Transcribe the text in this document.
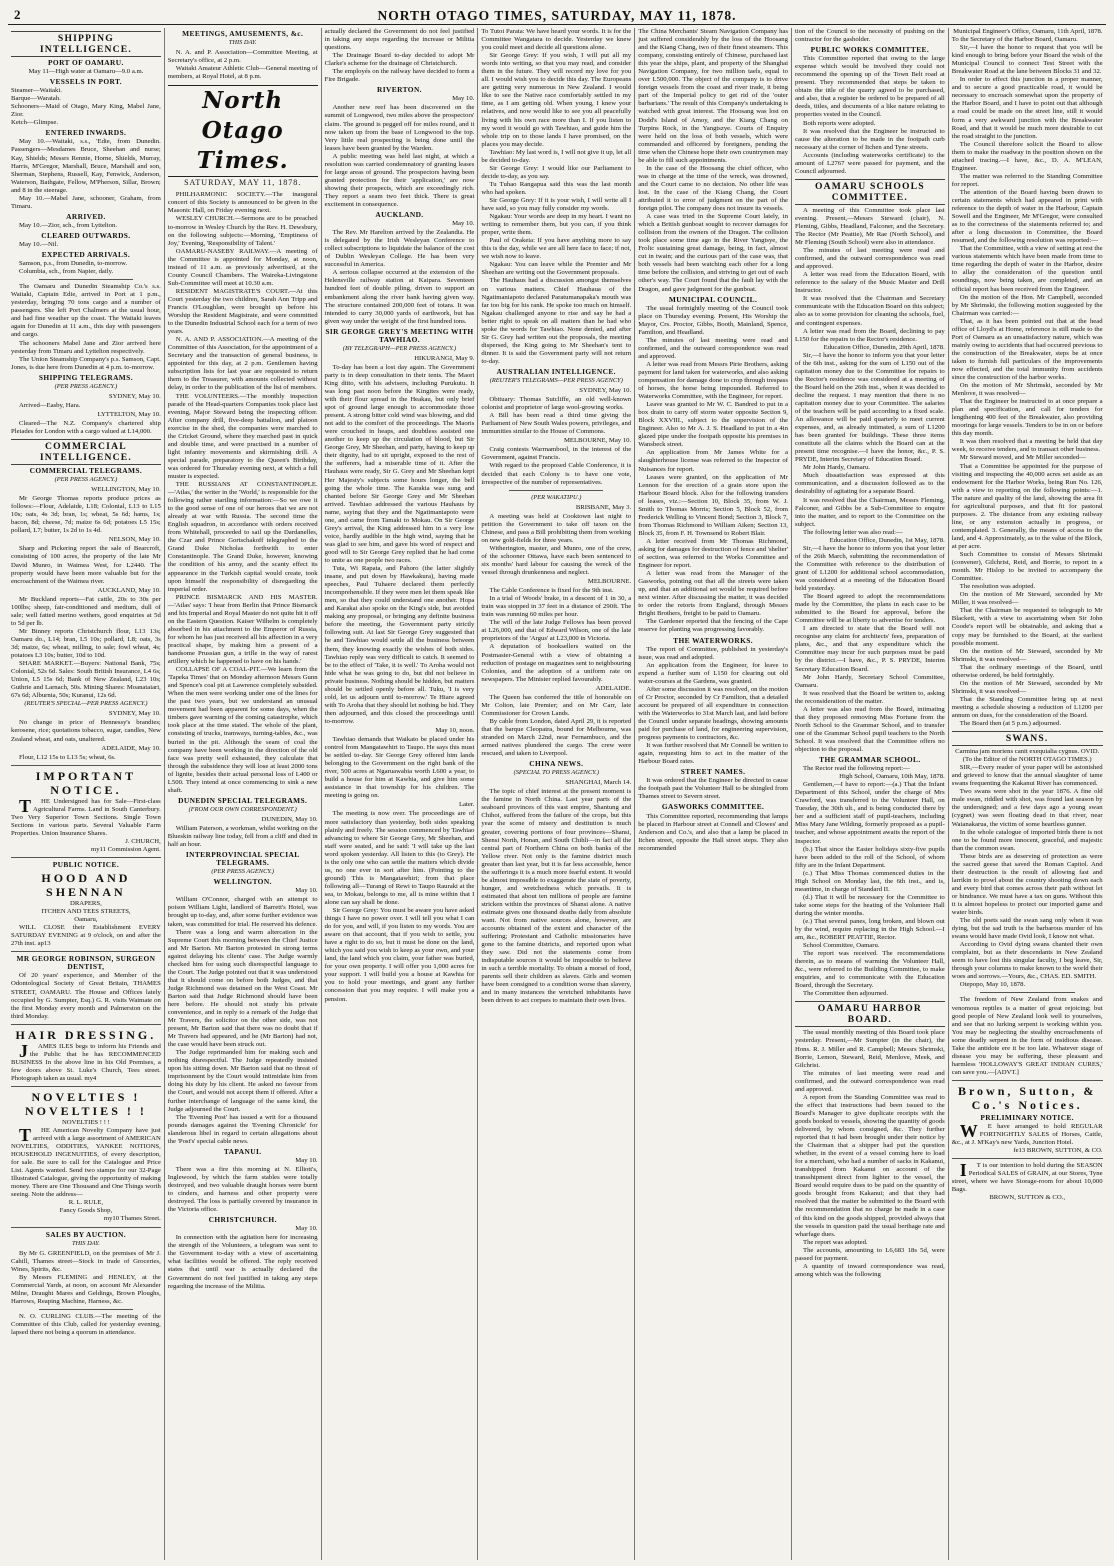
2	NORTH OTAGO TIMES, SATURDAY, MAY 11, 1878.
SHIPPING INTELLIGENCE.
PORT OF OAMARU.

May 11—High water at Oamaru—9.0 a.m.

VESSELS IN PORT.

Steamer—Waitaki.

Barque—Waratah.

Schooners—Maid of Otago, Mary King, Mabel Jane, Zior.

Ketch—Glimpse.

ENTERED INWARDS.

May 10.—Waitaki, s.s., 'Edie, from Dunedin. Passengers—Mesdames Bruce, Sheehan and nurse; Kay, Shields; Messrs Rennie, Horne, Shields, Murray, Harris, M'Gregor, Marshall, Bruce, Marshall and son, Sherman, Stephens, Russell, Kay, Fenwick, Anderson, Waterson, Bathgate, Fellow, M'Pherson, Sillar, Brown; and 8 in the steerage.

May 10.—Mabel Jane, schooner, Graham, from Timaru.

ARRIVED.

May 10.—Zior, sch., from Lyttelton.

CLEARED OUTWARDS.

May 10.—Nil.

EXPECTED ARRIVALS.

Samson, p.s., from Dunedin, to-morrow.

Columbia, sch., from Napier, daily.

The Oamaru and Dunedin Steamship Co.'s s.s. Waitaki, Captain Edie, arrived in Port at 1 p.m., yesterday, bringing 70 tons cargo and a number of passengers. She left Port Chalmers at the usual hour, and had fine weather up the coast. The Waitaki leaves again for Dunedin at 11 a.m., this day with passengers and cargo.

The schooners Mabel Jane and Zior arrived here yesterday from Timaru and Lyttelton respectively.

The Union Steamship Company's p.s. Samson, Capt. Jones, is due here from Dunedin at 4 p.m. to-morrow.

SHIPPING TELEGRAMS.
(PER PRESS AGENCY.)
SYDNEY, May 10.

Arrived—Easby, Hara.

LYTTELTON, May 10.

Cleared—The N.Z. Company's chartered ship Pleiades for London with a cargo valued at L14,000.

COMMERCIAL INTELLIGENCE.
COMMERCIAL TELEGRAMS.
(PER PRESS AGENCY.)
WELLINGTON, May 10.

Mr George Thomas reports produce prices as follows:—Flour, Adelaide, L18; Colonial, L13 to L15 10s; oats, 4s 3d; bran, 1s; wheat, 5s 6d; hams, 1s; bacon, 8d; cheese, 7d; maize 6s 6d; potatoes L5 15s; pollard, L7; butter, 1s 2d to 1s 4d.

NELSON, May 10.

Sharp and Pickering report the sale of Bearcroft, consisting of 100 acres, the property of the late Mr David Munro, in Waimea West, for L2440. The property would have been more valuable but for the encroachment of the Waimea river.

AUCKLAND, May 10.

Mr Buckland reports—Fat cattle, 20s to 30s per 100lbs; sheep, fair-conditioned and medium, dull of sale; well fatted merino wethers, good enquiries at 5d to 5d per lb.

Mr Binney reports Christchurch flour, L13 13s; Oamaru do., L14; bran, L5 10s; pollard, L8; oats, 3s 3d; maize, 6s; wheat, milling, to sale; fowl wheat, 4s; potatoes L3 10s; butter, 10d to 10d.

SHARE MARKET.—Buyers: National Bank, 75s; Colonial, 52s 6d. Sales: South British Insurance, L4 6s; Union, L5 15s 6d; Bank of New Zealand, L23 10s; Guthrie and Larnach, 50s. Mining Shares: Moanataiari, 67s 6d; Alburnia, 50s; Kuranui, 12s 6d.

(REUTER'S SPECIAL—PER PRESS AGENCY.)
SYDNEY, May 10.

No change in price of Hennessy's brandies; kerosene, rice; quotations tobacco, sugar, candles, New Zealand wheat, and oats, unaltered.

ADELAIDE, May 10.

Flour, L12 15s to L13 5s; wheat, 6s.

IMPORTANT NOTICE.

THE Undersigned has for Sale—First-class Agricultural Farms. Land in South Canterbury. Two Very Superior Town Sections. Single Town Sections in various parts. Several Valuable Farm Properties. Union Insurance Shares.

J. CHURCH,

my11 Commission Agent.

PUBLIC NOTICE.
HOOD AND SHENNAN

DRAPERS,

ITCHEN AND TEES STREETS,

Oamaru,

WILL CLOSE their Establishment EVERY SATURDAY EVENING at 9 o'clock, on and after the 27th inst. ap13

MR GEORGE ROBINSON, SURGEON DENTIST,

Of 20 years' experience, and Member of the Odontological Society of Great Britain, THAMES STREET, OAMARU. The House and Offices lately occupied by G. Sumpter, Esq.) G. R. visits Waimate on the first Monday every month and Palmerston on the third Monday.

HAIR DRESSING.

JAMES ILES begs to inform his Friends and the Public that he has RECOMMENCED BUSINESS In the above line in his Old Premises, a few doors above St. Luke's Church, Tees street. Photograph taken as usual. my4

NOVELTIES ! NOVELTIES ! !

NOVELTIES ! ! !

THE American Novelty Company have just arrived with a large assortment of AMERICAN NOVELTIES, ODDITIES, YANKEE NOTIONS, HOUSEHOLD INGENUITIES, of every description, for sale. Be sure to call for the Catalogue and Price List. Agents wanted. Send two stamps for our 32-Page Illustrated Catalogue, giving the opportunity of making money. There are One Thousand and One Things worth seeing. Note the address—

R. L. RULE,

Fancy Goods Shop,

my10 Thames Street.

SALES BY AUCTION.
THIS DAY.

By Mr G. GREENFIELD, on the premises of Mr J. Cahill, Thames street—Stock in trade of Groceries, Wines, Spirits, &c.

By Messrs FLEMING and HENLEY, at the Commercial Yards, at noon, on account Mr Alexander Milne, Draught Mares and Geldings, Brown Ploughs, Harrows, Reaping Machine, Harness, &c.

N. O. CURLING CLUB.—The meeting of the Committee of this Club, called for yesterday evening, lapsed there not being a quorum in attendance.

MEETINGS, AMUSEMENTS, &c.
THIS DAY.

N. A. and P. Association—Committee Meeting, at Secretary's office, at 2 p.m.

Waitaki Amateur Athletic Club—General meeting of members, at Royal Hotel, at 8 p.m.

North Otago Times.
SATURDAY, MAY 11, 1878.

PHILHARMONIC SOCIETY.—The inaugural concert of this Society is announced to be given in the Masonic Hall, on Friday evening next.

WESLEY CHURCH.—Sermons are to be preached to-morrow in Wesley Church by the Rev. H. Dewsbury, on the following subjects:—Morning, 'Emptiness of Joy,' Evening, 'Responsibility of Talent.'

OAMARU-NASEBY RAILWAY.—A meeting of the Committee is appointed for Monday, at noon, instead of 11 a.m. as previously advertised, at the County Council Chambers. The Waireka-Livingstone Sub-Committee will meet at 10.30 a.m.

RESIDENT MAGISTRATE'S COURT.—At this Court yesterday the two children, Sarah Ann Tripp and Francis O'Loughlan, were brought up before his Worship the Resident Magistrate, and were committed to the Dunedin Industrial School each for a term of two years.

N. A. AND P. ASSOCIATION.—A meeting of the Committee of this Association, for the appointment of a Secretary and the transaction of general business, is appointed for this day, at 2 p.m. Gentlemen having subscription lists for last year are requested to return them to the Treasurer, with amounts collected without delay, in order to the publication of the list of members.

THE VOLUNTEERS.—The monthly inspection parade of the Head-quarters Companies took place last evening, Major Steward being the inspecting officer. After company drill, five-deep battalion, and platoon exercise in the shed, the companies were marched to the Cricket Ground, where they marched past in quick and double time, and were practised in a number of light infantry movements and skirmishing drill. A special parade, preparatory to the Queen's Birthday, was ordered for Thursday evening next, at which a full muster is expected.

THE RUSSIANS AT CONSTANTINOPLE.—'Atlas,' the writer in the 'World,' is responsible for the following rather startling information:—So we owe it to the good sense of one of our heroes that we are not already at war with Russia. The second time the English squadron, in accordance with orders received from Whitehall, proceeded to sail up the Dardanelles, the Czar and Prince Gortschakoff telegraphed to the Grand Duke Nicholas forthwith to enter Constantinople. The Grand Duke, however, knowing the condition of his army, and the scanty effect its appearance in the Turkish capital would create, took upon himself the responsibility of disregarding the imperial order.

PRINCE BISMARCK AND HIS MASTER.—'Atlas' says: 'I hear from Berlin that Prince Bismarck and his Imperial and Royal Master do not quite hit it off on the Eastern Question. Kaiser Wilhelm is completely absorbed in his attachment to the Emperor of Russia, for whom he has just received all his affection in a very practical shape, by making him a present of a handsome Prussian gun, a trifle in the way of rarest artillery which he happened to have on his hands.'

COLLAPSE OF A COAL-PIT.—We learn from the 'Tapeka Times' that on Monday afternoon Messrs Gunn and Spence's coal pit at Lawrence completely subsided. When the men were working under one of the lines for the past two years, but we understand an unusual movement had been apparent for some days, when the timbers gave warning of the coming catastrophe, which took place at the time stated. The whole of the plant, consisting of trucks, tramways, turning-tables, &c., was buried in the pit. Although the seam of coal the company have been working in the direction of the old face was pretty well exhausted, they calculate that through the subsidence they will lose at least 2000 tons of lignite, besides their actual personal loss of L400 or L500. They intend at once commencing to sink a new shaft.

DUNEDIN SPECIAL TELEGRAMS.
(FROM OUR OWN CORRESPONDENT.)
DUNEDIN, May 10.

William Paterson, a workman, whilst working on the Blueskin railway line today, fell from a cliff and died in half an hour.

INTERPROVINCIAL SPECIAL TELEGRAMS.
(PER PRESS AGENCY.)
WELLINGTON.
May 10.

William O'Connor, charged with an attempt to poison William Light, landlord of Barrett's Hotel, was brought up to-day, and, after some further evidence was taken, was committed for trial. He reserved his defence.

There was a long and warm altercation in the Supreme Court this morning between the Chief Justice and Mr Barton. Mr Barton protested in strong terms against delaying his clients' case. The Judge warmly checked him for using such disrespectful language to the Court. The Judge pointed out that it was understood that it should come on before both Judges, and that Judge Richmond was detained on the West Coast. Mr Barton said that Judge Richmond should have been here before. He should not study his private convenience, and in reply to a remark of the Judge that Mr Travers, the solicitor on the other side, was not present, Mr Barton said that there was no doubt that if Mr Travers had appeared, and he (Mr Barton) had not, the case would have been struck out.

The Judge reprimanded him for making such and nothing disrespectful. The Judge repeatedly insisted upon his sitting down. Mr Barton said that no threat of imprisonment by the Court would intimidate him from doing his duty by his client. He asked no favour from the Court, and would not accept them if offered. After a further interchange of language of the same kind, the Judge adjourned the Court.

The 'Evening Post' has issued a writ for a thousand pounds damages against the 'Evening Chronicle' for slanderous libel in regard to certain allegations about the 'Post's' special cable news.

TAPANUI.
May 10.

There was a fire this morning at N. Elliott's, Inglewood, by which the farm stables were totally destroyed, and two valuable draught horses were burnt to cinders, and harness and other property were destroyed. The loss is partially covered by insurance in the Victoria office.

CHRISTCHURCH.
May 10.

In connection with the agitation here for increasing the strength of the Volunteers, a telegram was sent to the Government to-day with a view of ascertaining what facilities would be offered. The reply received states that until war is actually declared the Government do not feel justified in taking any steps regarding the increase of the Militia.

actually declared the Government do not feel justified in taking any steps regarding the increase or Militia questions.

The Drainage Board to-day decided to adopt Mr Clarke's scheme for the drainage of Christchurch.

The employés on the railway have decided to form a Fire Brigade.

RIVERTON.
May 10.

Another new reef has been discovered on the summit of Longwood, two miles above the prospectors' claim. The ground is pegged off for miles round, and it now taken up from the base of Longwood to the top. Very little real prospecting is being done until the leases have been granted by the Warden.

A public meeting was held last night, at which a resolution was carried condemnatory of granting leases for large areas of ground. The prospectors having been granted protection for their 'application,' are now showing their prospects, which are exceedingly rich. They report a seam two feet thick. There is great excitement in consequence.

AUCKLAND.
May 10.

The Rev. Mr Harelton arrived by the Zealandia. He is delegated by the Irish Wesleyan Conference to collect subscriptions to liquidate the balance of the cost of Dublin Wesleyan College. He has been very successful in America.

A serious collapse occurred at the extension of the Helensville railway station at Kaipara. Seventeen hundred feet of double piling, driven to support an embankment along the river bank having given way. The structure contained 200,000 feet of totara. It was intended to carry 30,000 yards of earthwork, but has given way under the weight of the first hundred tons.

SIR GEORGE GREY'S MEETING WITH TAWHIAO.
(BY TELEGRAPH—PER PRESS AGENCY.)
HIKURANGI, May 9.

To-day has been a lost day again. The Government party is in deep consultation in their tents. The Maori King ditto, with his advisers, including Purukutu. It was long past noon before the Kingites were ready, with their flour spread in the Heakau, but only brief spot of ground large enough to accommodate those present. A strong bitter cold wind was blowing, and did not add to the comfort of the proceedings. The Maoris were crouched in heaps, and doubtless assisted one another to keep up the circulation of blood, but Sir George Grey, Mr Sheehan, and party, having to keep up their dignity, had to sit upright, exposed to the rest of the sufferers, had a miserable time of it. After the Hauhaus were ready, Sir G. Grey and Mr Sheehan kept Her Majesty's subjects some hours longer, the bell going the whole time. The Karakia was sung and chanted before Sir George Grey and Mr Sheehan arrived. Tawhiao addressed the various Hauhaus by name, saying that they and the Ngatimaniapoto were one, and came from Tamaki to Mokau. On Sir George Grey's arrival, the King addressed him in a very low voice, hardly audible in the high wind, saying that he was glad to see him, and gave his word of respect and good will to Sir George Grey replied that he had come to unite as one people two races.

Tuta, Wi Rapata, and Pahoro (the latter slightly insane, and put down by Hawkakura), having made speeches, Paul Tuhaere declared them perfectly incomprehensible. If they were men let them speak like men, so that they could understand one another. Hopa and Karakai also spoke on the King's side, but avoided making any proposal, or bringing any definite business before the meeting, the Government party strictly following suit. At last Sir George Grey suggested that he and Tawhiao would settle all the business between them, they knowing exactly the wishes of both sides. Tawhiao reply was very difficult to catch. It seemed to be to the effect of 'Take, it is well.' To Aroha would not hide what he was going to do, but did not believe in private business. Nothing should be hidden, but matters should be settled openly before all. Tuku, 'I is very cold, let us adjourn until to-morrow.' Te Hiare agreed with To Aroha that they should let nothing be hid. They then adjourned, and this closed the proceedings until to-morrow.

May 10, noon.

Tawhiao demands that Waikato be placed under his control from Mangatawhiri to Taupo. He says this must be settled to-day. Sir George Grey offered him lands belonging to the Government on the right bank of the river, 500 acres at Ngaruawahia worth L600 a year, to build a house for him at Kawhia, and give him some assistance in that township for his children. The meeting is going on.

Later.

The meeting is now over. The proceedings are of more satisfactory than yesterday, both sides speaking plainly and freely. The session commenced by Tawhiao advancing to where Sir George Grey, Mr Sheehan, and staff were seated, and he said: 'I will take up the last word spoken yesterday. All listen to this (to Grey). He is the only one who can settle the matters which divide us, no one ever in sort after him. (Pointing to the ground) This is Mangatawhiri; from that place following all—Turangi of Rewi to Taupo Rauraki at the sea, to Mokau, belongs to me, all is mine within that I alone can say shall be done.

Sir George Grey: You must be aware you have asked things I have no power over. I will tell you what I can do for you, and will, if you listen to my words. You are aware on that account, that if you wish to settle, you have a right to do so, but it must be done on the land, which you said you wish to keep as your own, and your land, the land which you claim, your father was buried, for your own property. I will offer you 1,000 acres for your support. I will build you a house at Kawhia for you to hold your meetings, and grant any further concession that you may require. I will make you a pension.

To Tutoi Parata: We have heard your words. It is for the Committee Wangatara to decide. Yesterday we knew you could meet and decide all questions alone.

Sir George Grey: If you wish, I will put all my words into writing, so that you may read, and consider them in the future. They will record my love for you all. I would wish you to decide this day. The Europeans are getting very numerous in New Zealand. I would like to see the Native race comfortably settled in my time, as I am getting old. When young, I knew your relatives, and now would like to see you all peacefully living with his own race more than I. If you listen to my word it would go with Tawhiao, and guide him the whole trip on to those lands I have promised, on the places you may decide.

Tawhiao: My last word is, I will not give it up, let all be decided to-day.

Sir George Grey: I would like our Parliament to decide to-day, as you say.

Tu Tuhao Rangapua said this was the last month who had spoken.

Sir George Grey: If it is your wish, I will write all I have said, so you may fully consider my words.

Ngakau: Your words are deep in my heart. I want no writing to remember them, but you can, if you think proper, write them.

Paul of Orakeia: If you have anything more to say this is the day, while we are all here face to face; if not, we wish now to leave.

Ngakau: You can leave while the Premier and Mr Sheehan are writing out the Government proposals.

The Hauhaus had a discussion amongst themselves on various matters. Chief Hauhaua of the Ngatimaniapoto declared Paratumanapaka's mouth was far too big for his rank. He spoke too much on himself. Ngakau challenged anyone to rise and say he had a better right to speak on all matters than he had who spoke the words for Tawhiao. None denied, and after Sir G. Grey had written out the proposals, the meeting dispersed, the King going to Mr Sheehan's tent to dinner. It is said the Government party will not return to-day.

AUSTRALIAN INTELLIGENCE.
(REUTER'S TELEGRAMS—PER PRESS AGENCY)
SYDNEY, May 10.

Obituary: Thomas Sutcliffe, an old well-known colonist and proprietor of large wool-growing works.

A Bill has been read a third time giving the Parliament of New South Wales powers, privileges, and immunities similar to the House of Commons.

MELBOURNE, May 10.

Craig contests Warrnambool, in the interest of the Government, against Francis.

With regard to the proposed Cable Conference, it is decided that each Colony is to have one vote, irrespective of the number of representatives.

(PER WAKATIPU.)
BRISBANE, May 3.

A meeting was held at Cooktown last night to petition the Government to take off taxes on the Chinese, and pass a Bill prohibiting them from working on new gold-fields for three years.

Witherington, master, and Munro, one of the crew, of the schooner Ottawa, have each been sentenced to six months' hard labour for causing the wreck of the vessel through drunkenness and neglect.

MELBOURNE.

The Cable Conference is fixed for the 9th inst.

In a trial of Woods' brake, in a descent of 1 in 30, a train was stopped in 37 feet in a distance of 290ft. The train was running 60 miles per hour.

The will of the late Judge Fellows has been proved at L26,000, and that of Edward Wilson, one of the late proprietors of the 'Argus' at L23,000 in Victoria.

A deputation of booksellers waited on the Postmaster-General with a view of obtaining a reduction of postage on magazines sent to neighbouring Colonies, and the adoption of a uniform rate on newspapers. The Minister replied favourably.

ADELAIDE.

The Queen has conferred the title of honorable on Mr Colton, late Premier; and on Mr Carr, late Commissioner for Crown Lands.

By cable from London, dated April 29, it is reported that the barque Cleopatra, bound for Melbourne, was stranded on March 22nd, near Fernambuco, and the armed natives plundered the cargo. The crew were rescued, and taken to Liverpool.

CHINA NEWS.
(SPECIAL TO PRESS AGENCY.)
SHANGHAI, March 14.

The topic of chief interest at the present moment is the famine in North China. Last year parts of the seaboard provinces of this vast empire, Shantung and Chihoi, suffered from the failure of the crops, but this year the scene of misery and destitution is much greater, covering portions of four provinces—Shansi, Shensi North, Honan, and South Chihli—in fact all the central part of Northern China on both banks of the Yellow river. Not only is the famine district much greater than last year, but it is far less accessible, hence the sufferings it is a much more fearful extent. It would be almost impossible to exaggerate the state of poverty, hunger, and wretchedness which prevails. It is estimated that about ten millions of people are famine stricken within the provinces of Shansi alone. A native estimate gives one thousand deaths daily from absolute want. Not from native sources alone, however, are accounts obtained of the extent and character of the suffering; Protestant and Catholic missionaries have gone to the famine districts, and reported upon what they saw. Did not the statements come from indisputable sources it would be impossible to believe in such a terrible mortality. To obtain a morsel of food, parents sell their children as slaves. Girls and women have been consigned to a condition worse than slavery, and in many instances the wretched inhabitants have been driven to act corpses to maintain their own lives.

The China Merchants' Steam Navigation Company has just suffered considerably by the loss of the Hoosang and the Kiang Chang, two of their finest steamers. This company, consisting entirely of Chinese, purchased last this year the ships, plant, and property of the Shanghai Navigation Company, for two million taels, equal to over L500,000. The object of the company is to drive foreign vessels from the coast and river trade, it being part of the Imperial policy to get rid of the 'outer barbarians.' The result of this Company's undertaking is watched with great interest. The Hoosang was lost on Dodd's Island of Amoy, and the Kiang Chang on Turpins Rock, in the Yangtszye. Courts of Enquiry were held on the loss of both vessels, which were commanded and officered by foreigners, pending the time when the Chinese hope their own countrymen may be able to fill such appointments.

In the case of the Hoosang the chief officer, who was in charge at the time of the wreck, was drowned, and the Court came to no decision. No other life was lost. In the case of the Kiang Chang, the Court attributed it to error of judgment on the part of the foreign pilot. The company does not insure its vessels.

A case was tried in the Supreme Court lately, in which a British gunboat sought to recover damages for collision from the owners of the Dragon. The collision took place some time ago in the River Yangtsye, the Frolic sustaining great damage, being, in fact, almost cut in twain; and the curious part of the case was, that both vessels had been watching each other for a long time before the collision, and striving to get out of each other's way. The Court found that the fault lay with the Dragon, and gave judgment for the gunboat.

MUNICIPAL COUNCIL.

The usual fortnightly meeting of the Council took place on Thursday evening. Present, His Worship the Mayor, Crs. Proctor, Gibbs, Booth, Mainland, Spence, Familton, and Headland.

The minutes of last meeting were read and confirmed, and the outward correspondence was read and approved.

A letter was read from Messrs Pirie Brothers, asking payment for land taken for waterworks, and also asking compensation for damage done to crop through trespass of horses, the horse being impounded. Referred to Waterworks Committee, with the Engineer, for report.

Leave was granted to Mr W. C. Bandred to put in a box drain to carry off storm water opposite Section 9, Block XXVIII., subject to the supervision of the Engineer. Also to Mr A. J. S. Headland to put in a 4in glazed pipe under the footpath opposite his premises in Wansbeck street.

An application from Mr James White for a slaughterhouse license was referred to the Inspector of Nuisances for report.

Leases were granted, on the application of Mr Lennon for the erection of a grain store upon the Harbour Board block. Also for the following transfers of leases, viz.:—Section 10, Block 35, from W. J. Smith to Thomas Morris; Section 5, Block 52, from Frederick Welling to Vincent Bond; Section 3, Block 7, from Thomas Richmond to William Aiken; Section 13, Block 35, from F. H. Townsend to Robert Blair.

A letter received from Mr Thomas Richmond, asking for damages for destruction of fence and 'shelter' of section, was referred to the Works Committee and Engineer for report.

A letter was read from the Manager of the Gasworks, pointing out that all the streets were taken up, and that an additional set would be required before next winter. After discussing the matter, it was decided to order the retorts from England, through Messrs Bright Brothers, freight to be paid to Oamaru.

The Gardener reported that the fencing of the Cape reserve for planting was progressing favorably.

THE WATERWORKS.

The report of Committee, published in yesterday's issue, was read and adopted.

An application from the Engineer, for leave to expend a further sum of L150 for clearing out old water-courses at the Gardens, was granted.

After some discussion it was resolved, on the motion of Cr Proctor, seconded by Cr Familton, that a detailed account be prepared of all expenditure in connection with the Waterworks to 31st March last, and laid before the Council under separate headings, showing amounts paid for purchase of land, for engineering supervision, progress payments to contractors, &c.

It was further resolved that Mr Connell be written to again, requesting him to act in the matter of the Harbour Board rates.

STREET NAMES.

It was ordered that the Engineer be directed to cause the footpath past the Volunteer Hall to be shingled from Thames street to Severn street.

GASWORKS COMMITTEE.

This Committee reported, recommending that lamps be placed in Harbour street at Connell and Clowes' and Anderson and Co.'s, and also that a lamp be placed in Itchen street, opposite the Hall street steps. They also recommended

tion of the Council to the necessity of pushing on the contractor for the gasholder.

PUBLIC WORKS COMMITTEE.

This Committee reported that owing to the large expense which would be involved they could not recommend the opening up of the Town Belt road at present. They recommended that steps be taken to obtain the title of the quarry agreed to be purchased, and also, that a register be ordered to be prepared of all deeds, titles, and documents of a like nature relating to properties vested in the Council.

Both reports were adopted.

It was resolved that the Engineer be instructed to cause the alteration to be made in the footpath curb necessary at the corner of Itchen and Tyne streets.

Accounts (including waterworks certificate) to the amount of L2767 were passed for payment, and the Council adjourned.

OAMARU SCHOOLS COMMITTEE.

A meeting of this Committee took place last evening. Present,—Messrs Steward (chair), N. Fleming, Gibbs, Headland, Falconer, and the Secretary. The Rector (Mr Peattie), Mr Rae (North School), and Mr Fleming (South School) were also in attendance.

The minutes of last meeting were read and confirmed, and the outward correspondence was read and approved.

A letter was read from the Education Board, with reference to the salary of the Music Master and Drill Instructor.

It was resolved that the Chairman and Secretary communicate with the Education Board on this subject; also as to some provision for cleaning the schools, fuel, and contingent expenses.

A letter was read from the Board, declining to pay L150 for the repairs to the Rector's residence.

Education Office, Dunedin, 29th April, 1878.

Sir,—I have the honor to inform you that your letter of the 6th inst., asking for the sum of L150 out of the capitation money due to the Committee for repairs to the Rector's residence was considered at a meeting of the Board held on the 26th inst., when it was decided to decline the request. I may mention that there is no capitation money due to your Committee. The salaries of the teachers will be paid according to a fixed scale. An allowance will be paid quarterly to meet current expenses, and, as already intimated, a sum of L1200 has been granted for buildings. These three items constitute all the claims which the Board can at the present time recognise.—I have the honor, &c., P. S. PRYDE, Interim Secretary of Education Board.

Mr John Hardy, Oamaru.

Much dissatisfaction was expressed at this communication, and a discussion followed as to the desirability of agitating for a separate Board.

It was resolved that the Chairman, Messrs Fleming, Falconer, and Gibbs be a Sub-Committee to enquire into the matter, and to report to the Committee on the subject.

The following letter was also read:—

Education Office, Dunedin, 1st May, 1878.

Sir,—I have the honor to inform you that your letter of the 26th March, submitting the recommendation of the Committee with reference to the distribution of grant of L1200 for additional school accommodation, was considered at a meeting of the Education Board held yesterday.

The Board agreed to adopt the recommendations made by the Committee, the plans in each case to be submitted to the Board for approval, before the Committee will be at liberty to advertise for tenders.

I am directed to state that the Board will not recognise any claim for architects' fees, preparation of plans, &c., and that any expenditure which the Committee may incur for such purposes must be paid by the district.—I have, &c., P. S. PRYDE, Interim Secretary Education Board.

Mr John Hardy, Secretary School Committee, Oamaru.

It was resolved that the Board be written to, asking the reconsideration of the matter.

A letter was also read from the Board, intimating that they proposed removing Miss Fortune from the North School to the Grammar School, and to transfer one of the Grammar School pupil teachers to the North School. It was resolved that the Committee offers no objection to the proposal.

THE GRAMMAR SCHOOL.

The Rector read the following report:—

High School, Oamaru, 10th May, 1878.

Gentlemen,—I have to report:—(a.) That the Infant Department of this School, under the charge of Mrs Crawford, was transferred to the Volunteer Hall, on Tuesday, the 30th ult., and is being conducted there by her and a sufficient staff of pupil-teachers, including Miss Mary Jane Wilding, formerly proposed as a pupil-teacher, and whose appointment awaits the report of the Inspector.

(b.) That since the Easter holidays sixty-five pupils have been added to the roll of the School, of whom fifty are in the Infant Department.

(c.) That Miss Thomas commenced duties in the High School on Monday last, the 6th inst., and is, meantime, in charge of Standard II.

(d.) That it will be necessary for the Committee to take some steps for the heating of the Volunteer Hall during the winter months.

(e.) That several panes, long broken, and blown out by the wind, require replacing in the High School.—I am, &c., ROBERT PEATTIE, Rector.

School Committee, Oamaru.

The report was received. The recommendations therein, as to means of warming the Volunteer Hall, &c., were referred to the Building Committee, to make enquiries, and to communicate with the Education Board, through the Secretary.

The Committee then adjourned.

OAMARU HARBOR BOARD.

The usual monthly meeting of this Board took place yesterday. Present,—Mr Sumpter (in the chair), the Hons. R. J. Miller and R. Campbell; Messrs Shrimski, Borrie, Lemon, Steward, Reid, Menlove, Meek, and Gilchrist.

The minutes of last meeting were read and confirmed, and the outward correspondence was read and approved.

A report from the Standing Committee was read to the effect that instructions had been issued to the Board's Manager to give duplicate receipts with the goods booked to vessels, showing the quantity of goods delivered, by whom consigned, &c. They further reported that it had been brought under their notice by the Chairman that a shipper had put the question whether, in the event of a vessel coming here to load for a merchant, who had a number of sacks in Kakanui, transhipped from Kakanui on account of the transshipment direct from lighter to the vessel, the Board would require dues to be paid on the quantity of goods brought from Kakanui; and that they had resolved that the matter be submitted to the Board with the recommendation that no charge be made in a case of this kind on the goods shipped, provided always that the vessels in question paid the usual berthage rate and wharfage dues.

The report was adopted.

The accounts, amounting to L6,683 18s 5d, were passed for payment.

A quantity of inward correspondence was read, among which was the following

Municipal Engineer's Office, Oamaru, 11th April, 1878.

To the Secretary of the Harbor Board, Oamaru.

Sir,—I have the honor to request that you will be kind enough to bring before your Board the wish of the Municipal Council to connect Test Street with the Breakwater Road at the lane between Blocks 31 and 32.

In order to effect this junction in a proper manner, and to secure a good practicable road, it would be necessary to encroach somewhat upon the property of the Harbor Board, and I have to point out that although a road could be made on the street line, still it would form a very awkward junction with the Breakwater Road, and that it would be much more desirable to cut the road straight to the junction.

The Council therefore solicit the Board to allow them to make the roadway in the position shown on the attached tracing.—I have, &c., D. A. M'LEAN, Engineer.

The matter was referred to the Standing Committee for report.

The attention of the Board having been drawn to certain statements which had appeared in print with reference to the depth of water in the Harbour, Captain Sowell and the Engineer, Mr M'Gregor, were consulted as to the correctness of the statements referred to; and after a long discussion in Committee, the Board resumed, and the following resolution was reported:—

That the Committee, with a view of setting at rest the various statements which have been made from time to time regarding the depth of water in the Harbor, desire to allay the consideration of the question until soundings, now being taken, are completed, and an official report has been received from the Engineer.

On the motion of the Hon. Mr Campbell, seconded by Mr Shrimski, the following motion suggested by the Chairman was carried:—

That, as it has been pointed out that at the head office of Lloyd's at Home, reference is still made to the Port of Oamaru as an unsatisfactory nature, which was mainly owing to accidents that had occurred previous to the construction of the Breakwater, steps be at once taken to furnish full particulars of the improvements now effected, and the total immunity from accidents since the construction of the harbor works.

On the motion of Mr Shrimski, seconded by Mr Menlove, it was resolved—

That the Engineer be instructed to at once prepare a plan and specification, and call for tenders for lengthening 400 feet of the Breakwater, also providing moorings for large vessels. Tenders to be in on or before this day month.

It was then resolved that a meeting be held that day week, to receive tenders, and to transact other business.

Mr Steward moved, and Mr Miller seconded—

That a Committee be appointed for the purpose of visiting and inspecting the 40,000 acres set aside as an endowment for the Harbor Works, being Run No. 126, with a view to reporting on the following points:—1. The nature and quality of the land, showing the area fit for agricultural purposes, and that fit for pastoral purposes. 2. The distance from any existing railway line, or any extension actually in progress, or contemplated. 3. Generally, the means of access to the land, and 4. Approximately, as to the value of the Block, at per acre.

Such Committee to consist of Messrs Shrimski (convener), Gilchrist, Reid, and Borrie, to report in a month. Mr Hislop to be invited to accompany the Committee.

The resolution was adopted.

On the motion of Mr Steward, seconded by Mr Miller, it was resolved—

That the Chairman be requested to telegraph to Mr Blackett, with a view to ascertaining when Sir John Coode's report will be obtainable, and asking that a copy may be furnished to the Board, at the earliest possible moment.

On the motion of Mr Steward, seconded by Mr Shrimski, it was resolved—

That the ordinary meetings of the Board, until otherwise ordered, be held fortnightly.

On the motion of Mr Steward, seconded by Mr Shrimski, it was resolved—

That the Standing Committee bring up at next meeting a schedule showing a reduction of L1200 per annum on dues, for the consideration of the Board.

The Board then (at 5 p.m.) adjourned.

SWANS.

Carmina jam moriens canit exequialia cygnus. OVID.

(To the Editor of the NORTH OTAGO TIMES.)

SIR,—Every reader of your paper will be astonished and grieved to know that the annual slaughter of tame swans frequenting the Kakanui River has commenced.

Two swans were shot in the year 1876. A fine old male swan, riddled with shot, was found last season by the undersigned; and a few days ago a young swan (cygnet) was seen floating dead in that river, near Waianakarua, the victim of some heartless gunner.

In the whole catalogue of imported birds there is not one to be found more innocent, graceful, and majestic than the common swan.

These birds are as deserving of protection as were the sacred geese that saved the Roman Capitol. And their destruction is the result of allowing fast and larrikin to prowl about the country shooting down each and every bird that comes across their path without let or hindrance. We must have a tax on guns. Without this it is almost hopeless to protect our imported game and water birds.

The old poets said the swan sang only when it was dying, but the sad truth is the barbarous murder of his swans would have made Ovid look, I know not what.

According to Ovid dying swans chanted their own complaint, but as their descendants in New Zealand seem to have lost this singular faculty, I beg leave, Sir, through your columns to make known to the world their woes and sorrows.—Yours, &c., CHAS. ED. SMITH.

Otepopo, May 10, 1878.

The freedom of New Zealand from snakes and venomous reptiles is a matter of great rejoicing; but good people of New Zealand look well to yourselves, and see that no lurking serpent is working within you. You may be neglecting the stealthy encroachments of some deadly serpent in the form of insidious disease. Take the antidote ere it be too late. Whatever stage of disease you may be suffering, these pleasant and harmless 'HOLLOWAY'S GREAT INDIAN CURES,' can save you.—[ADVT.]

Brown, Sutton, & Co.'s Notices.
PRELIMINARY NOTICE.

WE have arranged to hold REGULAR FORTNIGHTLY SALES of Horses, Cattle, &c., at J. M'Kay's new Yards, Junction Hotel.

fe13 BROWN, SUTTON, & CO.

IT is our intention to hold during the SEASON Periodical SALES of GRAIN, at our Stores, Tyne street, where we have Storage-room for about 10,000 Bags.

BROWN, SUTTON & CO.,
